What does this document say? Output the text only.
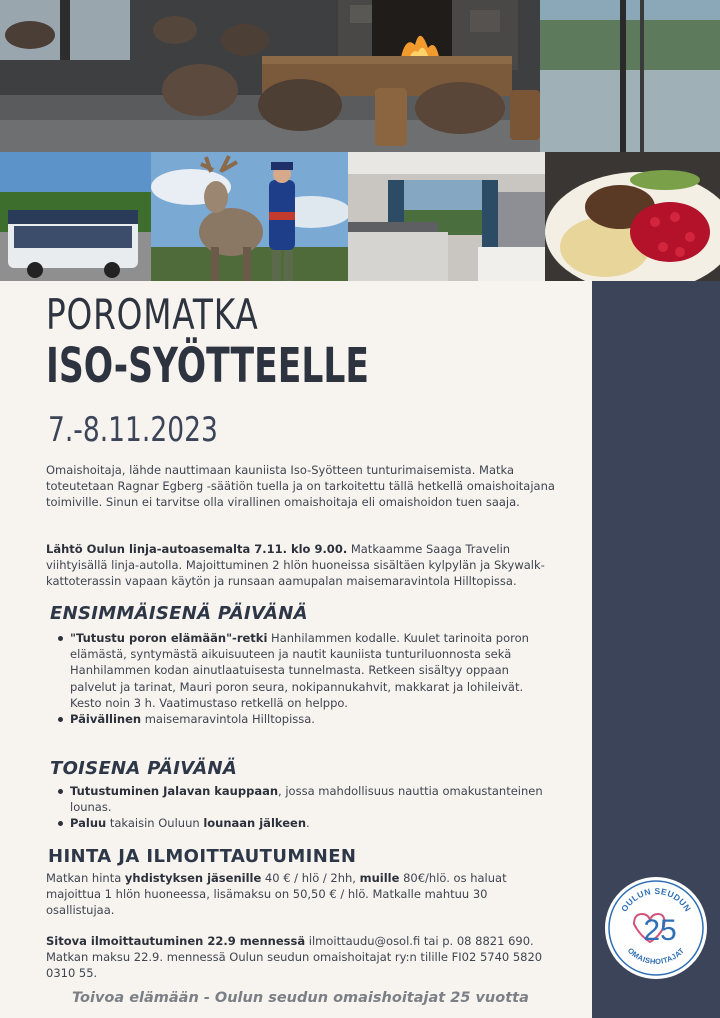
POROMATKA
ISO-SYÖTTEELLE
7.-8.11.2023

Omaishoitaja, lähde nauttimaan kauniista Iso-Syötteen tunturimaisemista. Matka toteutetaan Ragnar Egberg -säätiön tuella ja on tarkoitettu tällä hetkellä omaishoitajana toimiville. Sinun ei tarvitse olla virallinen omaishoitaja eli omaishoidon tuen saaja.

Lähtö Oulun linja-autoasemalta 7.11. klo 9.00. Matkaamme Saaga Travelin viihtyisällä linja-autolla. Majoittuminen 2 hlön huoneissa sisältäen kylpylän ja Skywalk-kattoterassin vapaan käytön ja runsaan aamupalan maisemaravintola Hilltopissa.

ENSIMMÄISENÄ PÄIVÄNÄ
"Tutustu poron elämään"-retki Hanhilammen kodalle. Kuulet tarinoita poron elämästä, syntymästä aikuisuuteen ja nautit kauniista tunturiluonnosta sekä Hanhilammen kodan ainutlaatuisesta tunnelmasta. Retkeen sisältyy oppaan palvelut ja tarinat, Mauri poron seura, nokipannukahvit, makkarat ja lohileivät. Kesto noin 3 h. Vaatimustaso retkellä on helppo.
Päivällinen maisemaravintola Hilltopissa.
TOISENA PÄIVÄNÄ
Tutustuminen Jalavan kauppaan, jossa mahdollisuus nauttia omakustanteinen lounas.
Paluu takaisin Ouluun lounaan jälkeen.
HINTA JA ILMOITTAUTUMINEN

Matkan hinta yhdistyksen jäsenille 40 € / hlö / 2hh, muille 80€/hlö. os haluat majoittua 1 hlön huoneessa, lisämaksu on 50,50 € / hlö. Matkalle mahtuu 30 osallistujaa.

Sitova ilmoittautuminen 22.9 mennessä ilmoittaudu@osol.fi tai p. 08 8821 690. Matkan maksu 22.9. mennessä Oulun seudun omaishoitajat ry:n tilille FI02 5740 5820 0310 55.

Toivoa elämään - Oulun seudun omaishoitajat 25 vuotta
OULUN SEUDUN
OMAISHOITAJAT
25
